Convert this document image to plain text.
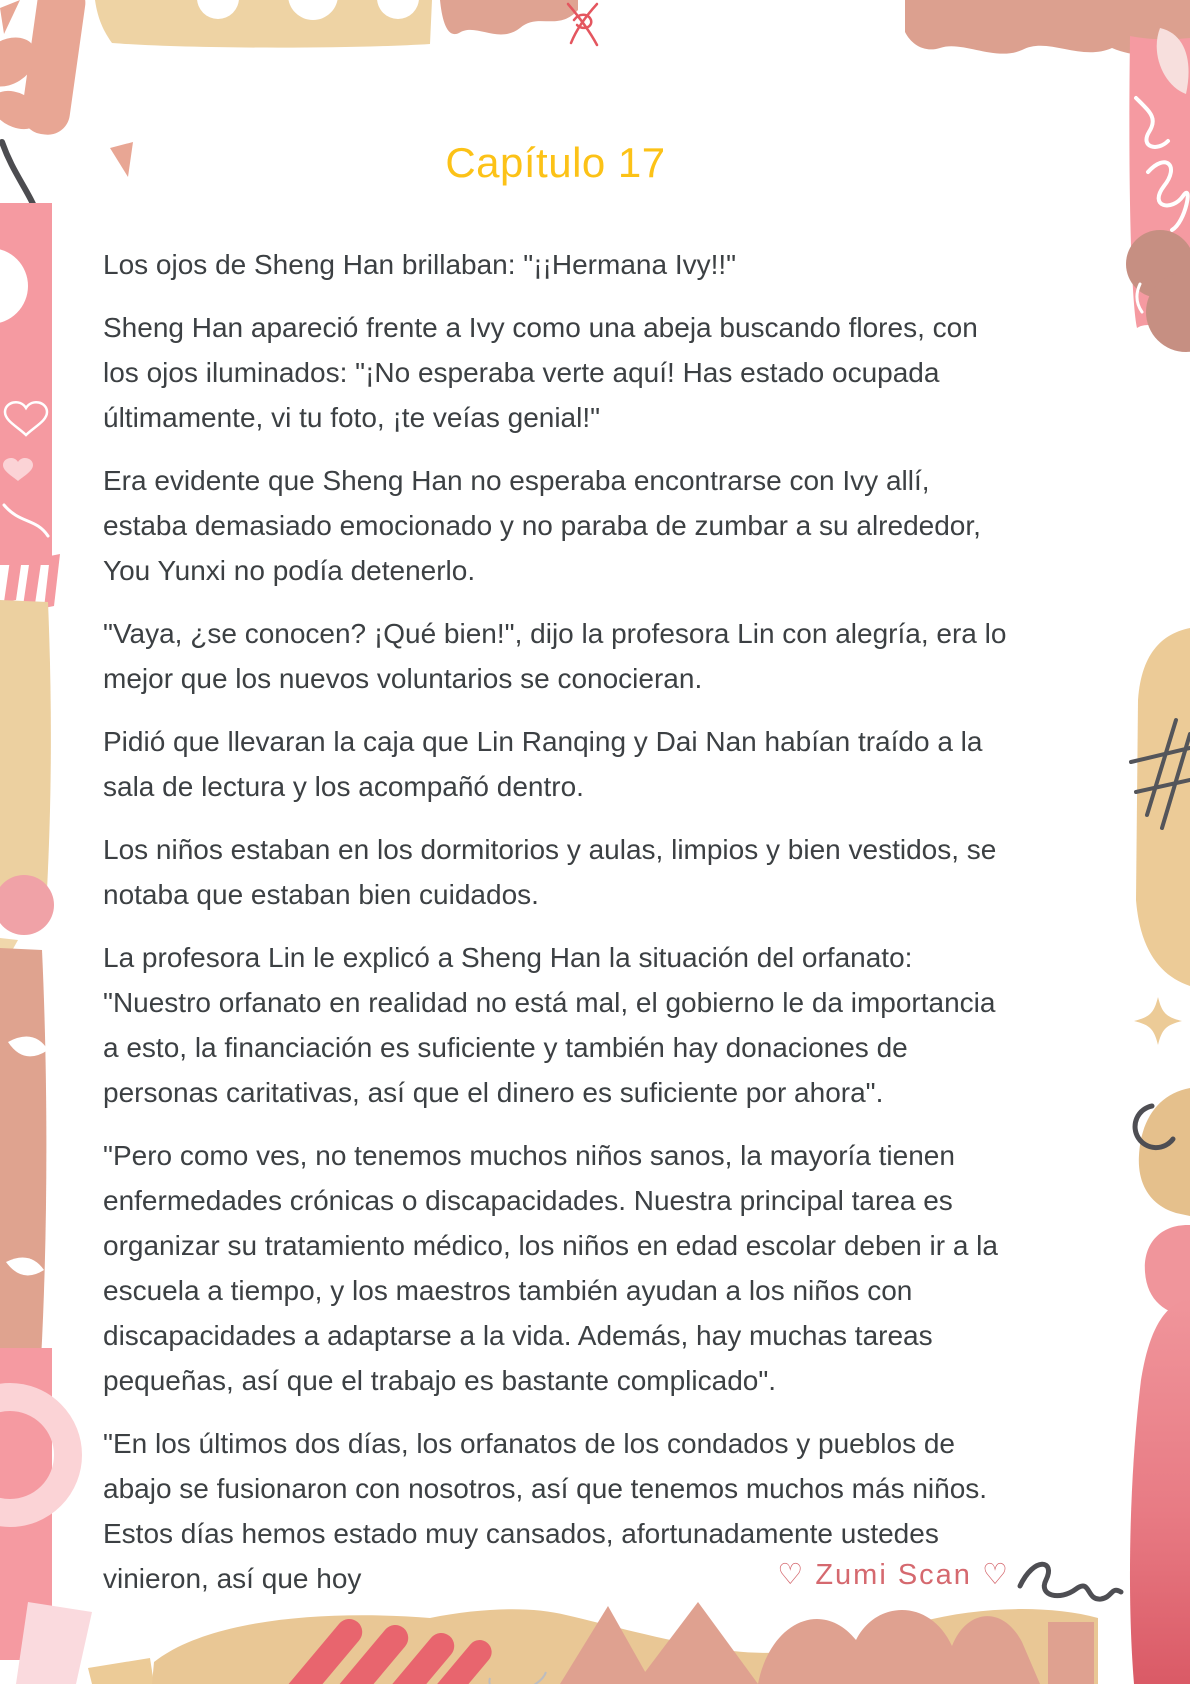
Capítulo 17

Los ojos de Sheng Han brillaban: "¡¡Hermana Ivy!!"

Sheng Han apareció frente a Ivy como una abeja buscando flores, con los ojos iluminados: "¡No esperaba verte aquí! Has estado ocupada últimamente, vi tu foto, ¡te veías genial!"

Era evidente que Sheng Han no esperaba encontrarse con Ivy allí, estaba demasiado emocionado y no paraba de zumbar a su alrededor, You Yunxi no podía detenerlo.

"Vaya, ¿se conocen? ¡Qué bien!", dijo la profesora Lin con alegría, era lo mejor que los nuevos voluntarios se conocieran.

Pidió que llevaran la caja que Lin Ranqing y Dai Nan habían traído a la sala de lectura y los acompañó dentro.

Los niños estaban en los dormitorios y aulas, limpios y bien vestidos, se notaba que estaban bien cuidados.

La profesora Lin le explicó a Sheng Han la situación del orfanato: "Nuestro orfanato en realidad no está mal, el gobierno le da importancia a esto, la financiación es suficiente y también hay donaciones de personas caritativas, así que el dinero es suficiente por ahora".

"Pero como ves, no tenemos muchos niños sanos, la mayoría tienen enfermedades crónicas o discapacidades. Nuestra principal tarea es organizar su tratamiento médico, los niños en edad escolar deben ir a la escuela a tiempo, y los maestros también ayudan a los niños con discapacidades a adaptarse a la vida. Además, hay muchas tareas pequeñas, así que el trabajo es bastante complicado".

"En los últimos dos días, los orfanatos de los condados y pueblos de abajo se fusionaron con nosotros, así que tenemos muchos más niños. Estos días hemos estado muy cansados, afortunadamente ustedes vinieron, así que hoy	♡ Zumi Scan ♡
